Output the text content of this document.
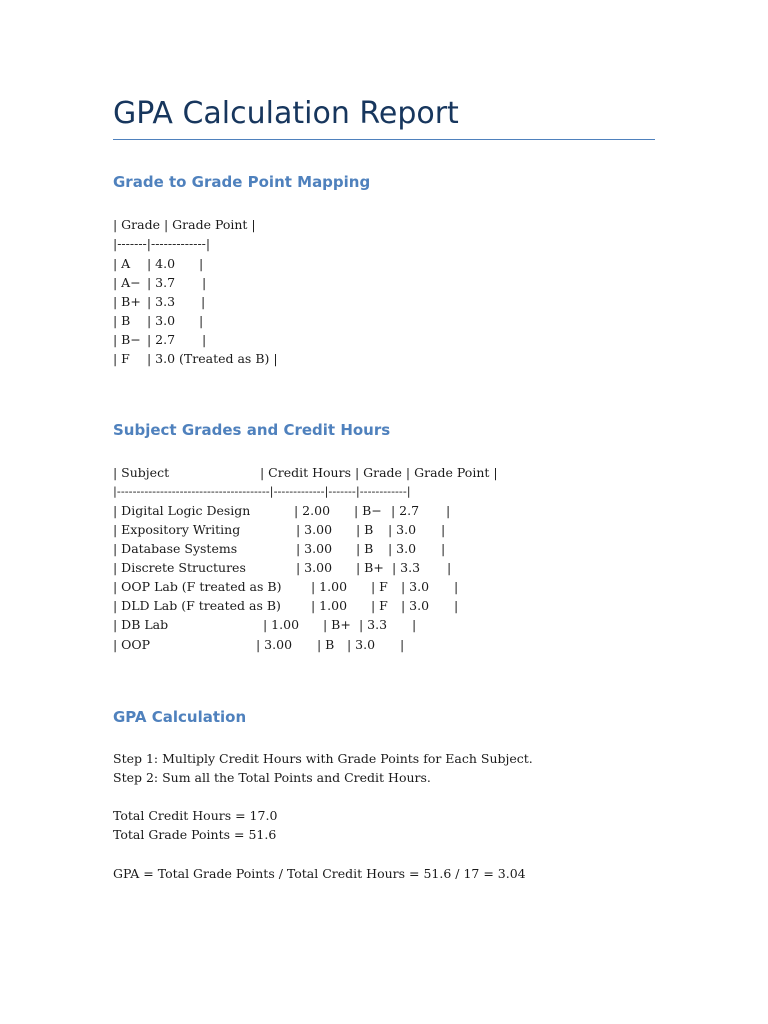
GPA Calculation Report
Grade to Grade Point Mapping
| Grade | Grade Point |
|-------|-------------|
| A | 4.0 |
| A− | 3.7 |
| B+ | 3.3 |
| B | 3.0 |
| B− | 2.7 |
| F | 3.0 (Treated as B) |
Subject Grades and Credit Hours
| Subject	| Credit Hours | Grade | Grade Point |
|---------------------------------------|-------------|-------|------------|
| Digital Logic Design	| 2.00 | B− | 2.7 |
| Expository Writing	| 3.00 | B | 3.0 |
| Database Systems	| 3.00 | B | 3.0 |
| Discrete Structures	| 3.00 | B+ | 3.3 |
| OOP Lab (F treated as B) | 1.00 | F | 3.0 |
| DLD Lab (F treated as B) | 1.00 | F | 3.0 |
| DB Lab	| 1.00 | B+ | 3.3 |
| OOP	| 3.00 | B | 3.0 |
GPA Calculation
Step 1: Multiply Credit Hours with Grade Points for Each Subject.
Step 2: Sum all the Total Points and Credit Hours.
Total Credit Hours = 17.0
Total Grade Points = 51.6
GPA = Total Grade Points / Total Credit Hours = 51.6 / 17 = 3.04
